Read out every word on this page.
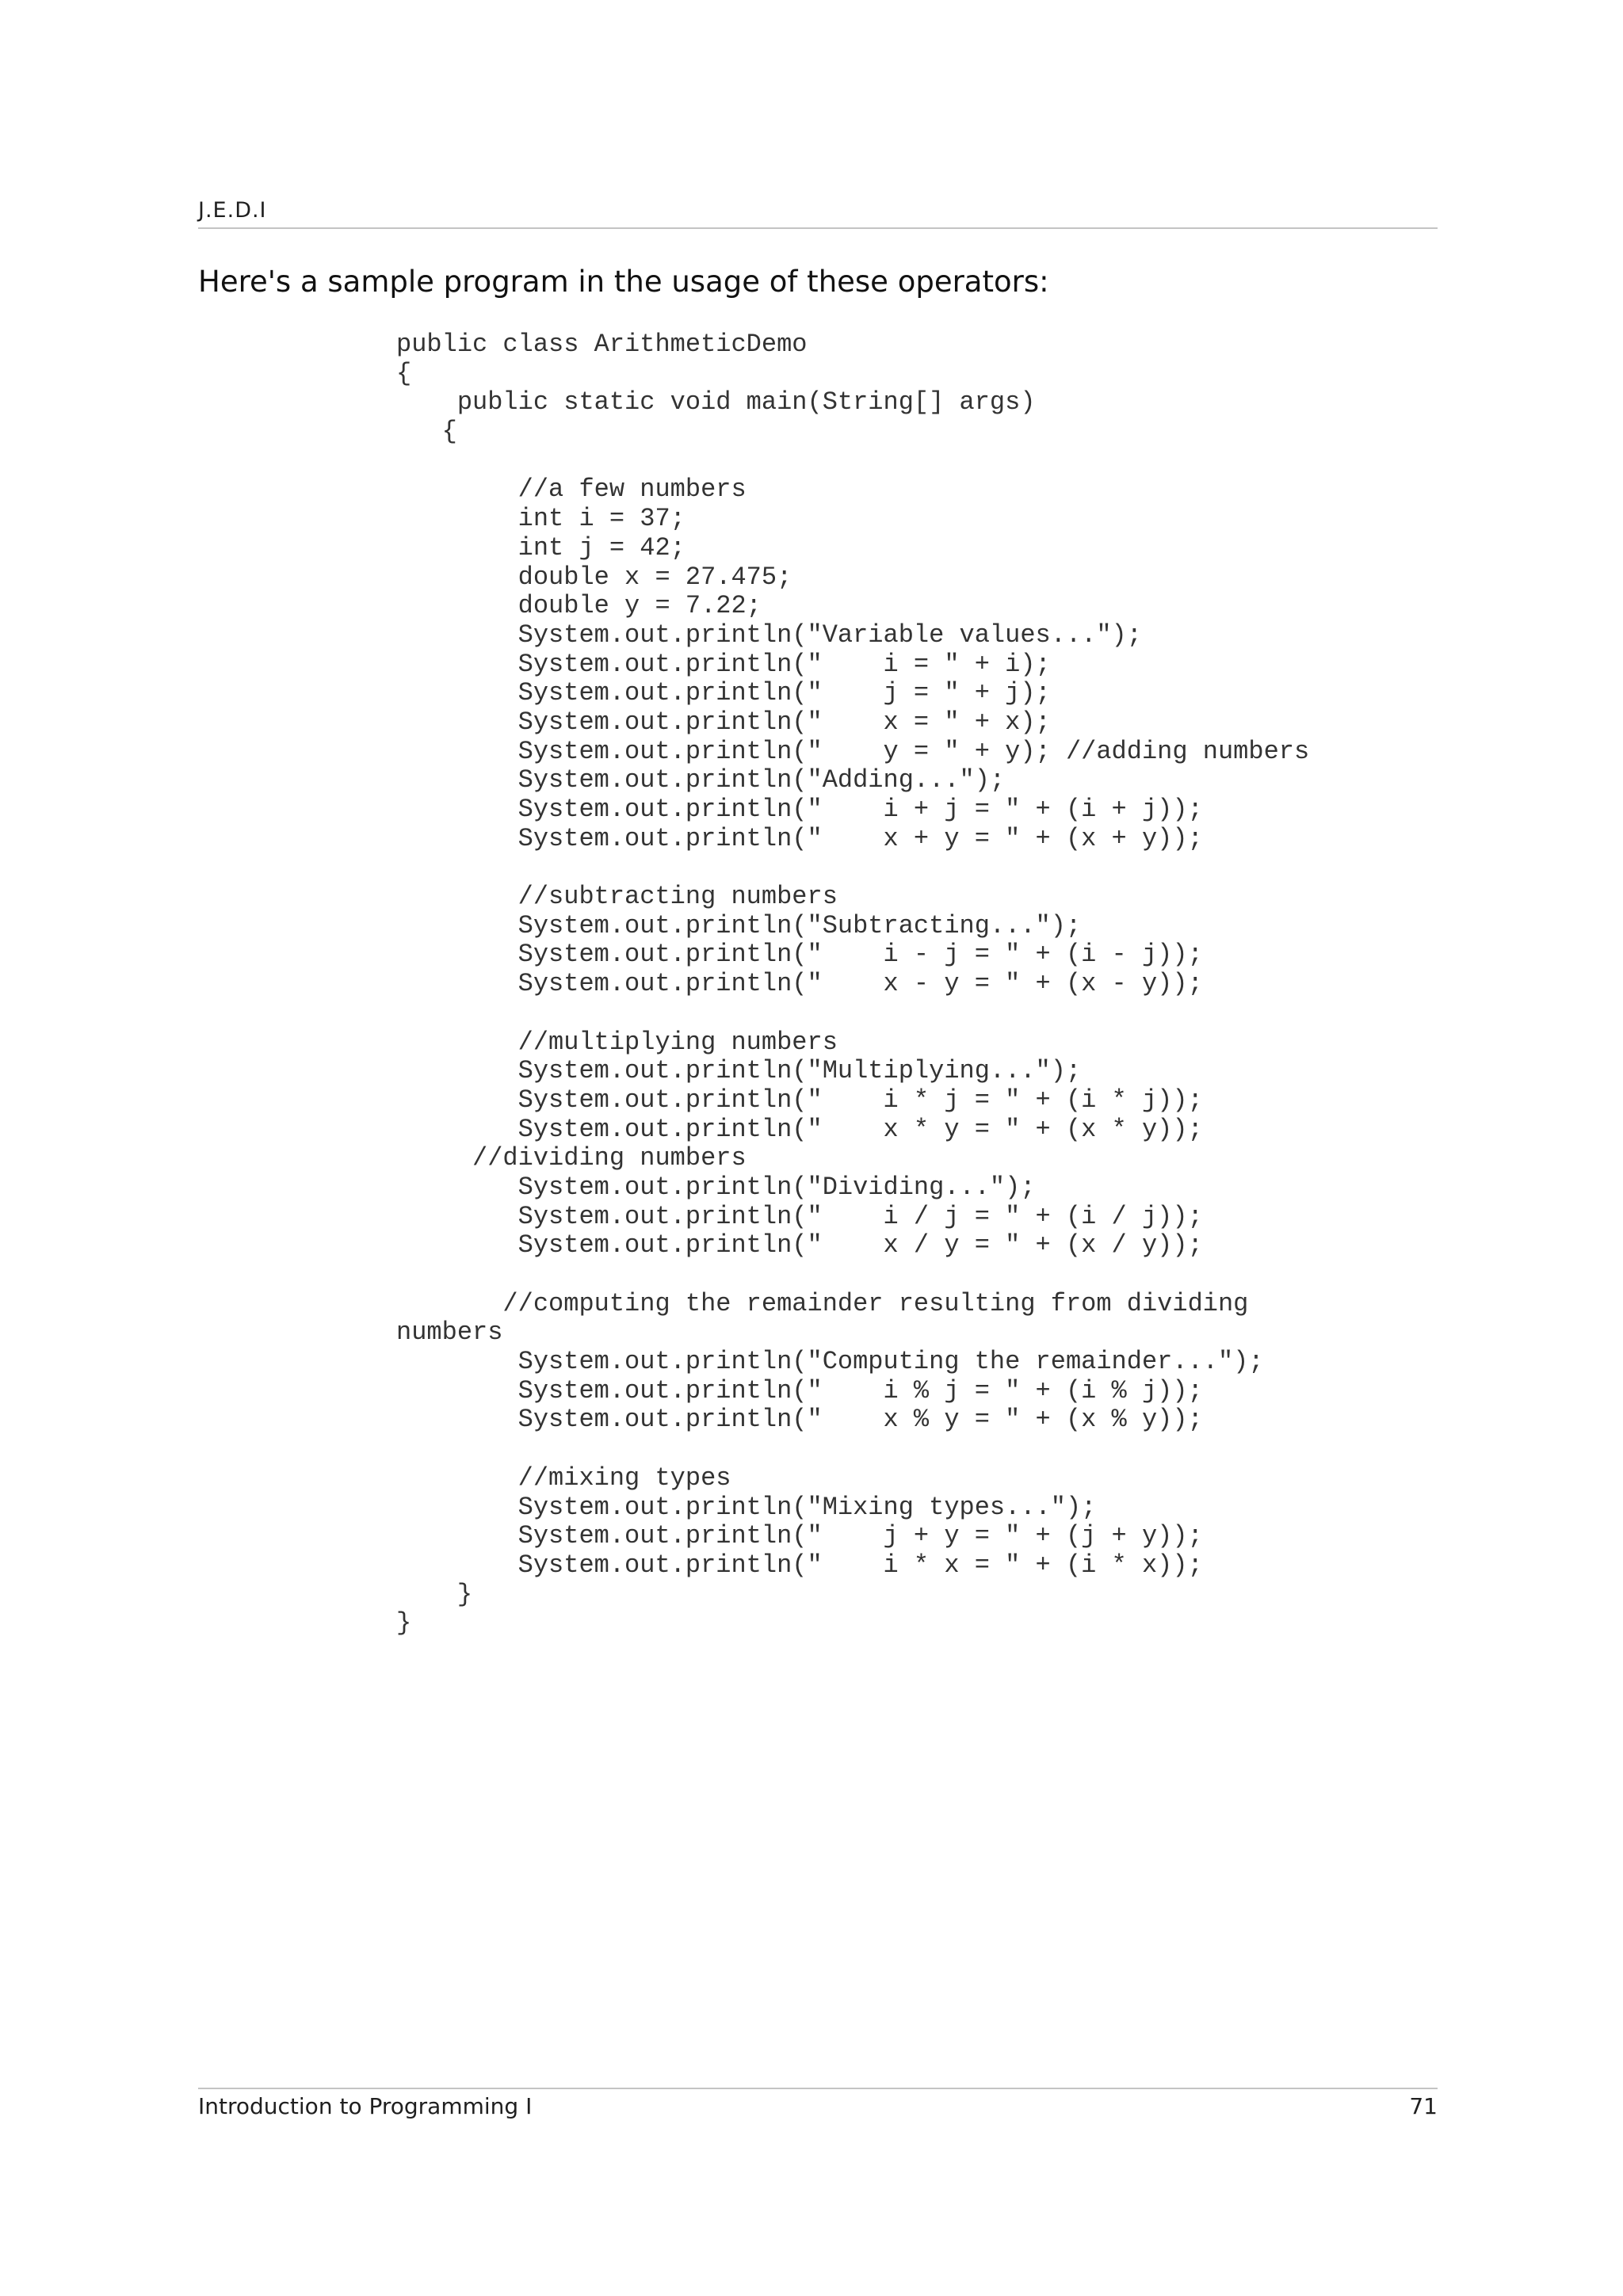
J.E.D.I
Here's a sample program in the usage of these operators:
public class ArithmeticDemo
{
public static void main(String[] args)
{
//a few numbers
int i = 37;
int j = 42;
double x = 27.475;
double y = 7.22;
System.out.println("Variable values...");
System.out.println("    i = " + i);
System.out.println("    j = " + j);
System.out.println("    x = " + x);
System.out.println("    y = " + y); //adding numbers
System.out.println("Adding...");
System.out.println("    i + j = " + (i + j));
System.out.println("    x + y = " + (x + y));
//subtracting numbers
System.out.println("Subtracting...");
System.out.println("    i - j = " + (i - j));
System.out.println("    x - y = " + (x - y));
//multiplying numbers
System.out.println("Multiplying...");
System.out.println("    i * j = " + (i * j));
System.out.println("    x * y = " + (x * y));
//dividing numbers
System.out.println("Dividing...");
System.out.println("    i / j = " + (i / j));
System.out.println("    x / y = " + (x / y));
//computing the remainder resulting from dividing
numbers
System.out.println("Computing the remainder...");
System.out.println("    i % j = " + (i % j));
System.out.println("    x % y = " + (x % y));
//mixing types
System.out.println("Mixing types...");
System.out.println("    j + y = " + (j + y));
System.out.println("    i * x = " + (i * x));
}
}
Introduction to Programming I	71
